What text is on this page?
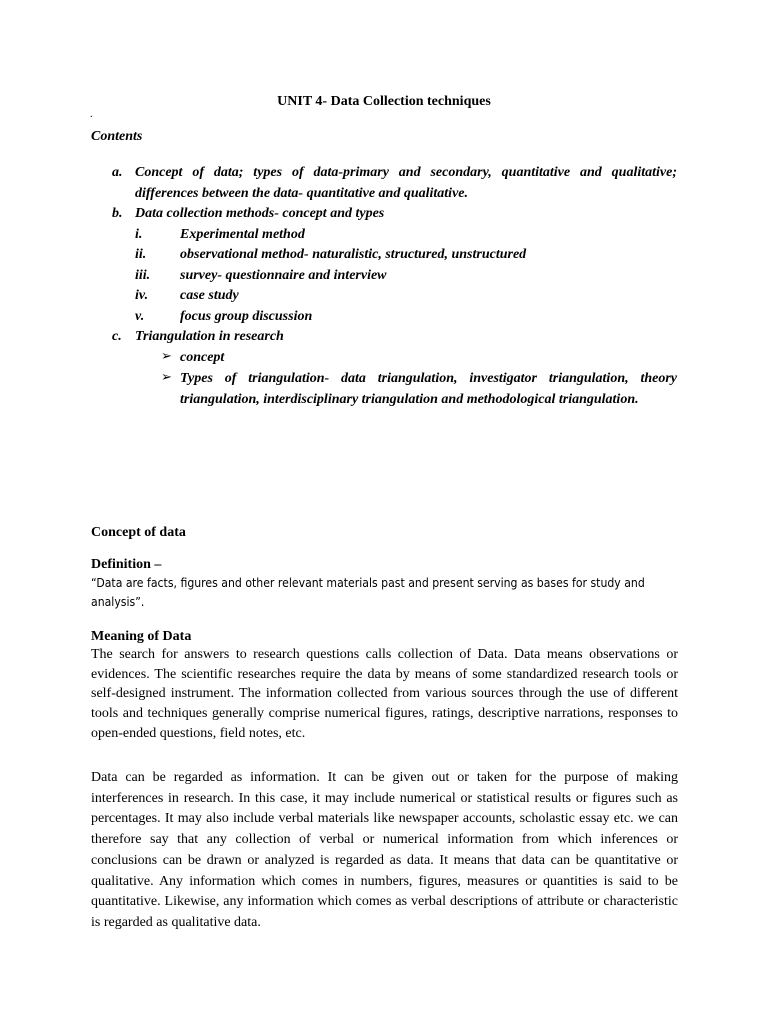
UNIT 4- Data Collection techniques
.
Contents
a. Concept of data; types of data-primary and secondary, quantitative and qualitative; differences between the data- quantitative and qualitative.
b. Data collection methods- concept and types
i.	Experimental method
ii. observational method- naturalistic, structured, unstructured
iii. survey- questionnaire and interview
iv. case study
v.	focus group discussion
c. Triangulation in research
➢ concept
➢ Types of triangulation- data triangulation, investigator triangulation, theory triangulation, interdisciplinary triangulation and methodological triangulation.
Concept of data
Definition –
“Data are facts, figures and other relevant materials past and present serving as bases for study and analysis”.
Meaning of Data
The search for answers to research questions calls collection of Data. Data means observations or evidences. The scientific researches require the data by means of some standardized research tools or self-designed instrument. The information collected from various sources through the use of different tools and techniques generally comprise numerical figures, ratings, descriptive narrations, responses to open-ended questions, field notes, etc.
Data can be regarded as information. It can be given out or taken for the purpose of making interferences in research. In this case, it may include numerical or statistical results or figures such as percentages. It may also include verbal materials like newspaper accounts, scholastic essay etc. we can therefore say that any collection of verbal or numerical information from which inferences or conclusions can be drawn or analyzed is regarded as data. It means that data can be quantitative or qualitative. Any information which comes in numbers, figures, measures or quantities is said to be quantitative. Likewise, any information which comes as verbal descriptions of attribute or characteristic is regarded as qualitative data.
